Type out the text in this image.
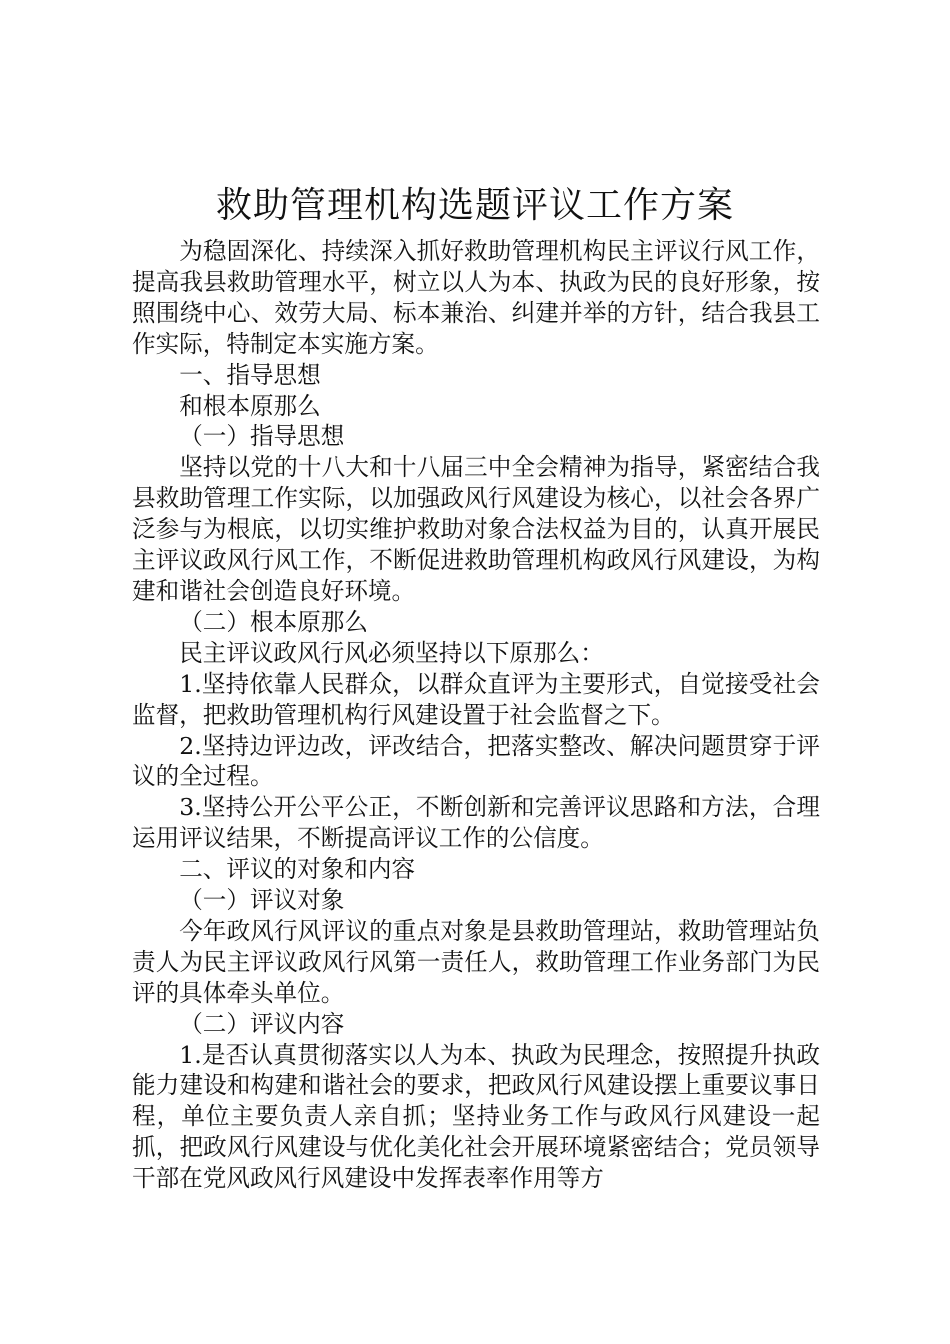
救助管理机构选题评议工作方案

为稳固深化、持续深入抓好救助管理机构民主评议行风工作，提高我县救助管理水平，树立以人为本、执政为民的良好形象，按照围绕中心、效劳大局、标本兼治、纠建并举的方针，结合我县工作实际，特制定本实施方案。

一、指导思想

和根本原那么

（一）指导思想

坚持以党的十八大和十八届三中全会精神为指导，紧密结合我县救助管理工作实际，以加强政风行风建设为核心，以社会各界广泛参与为根底，以切实维护救助对象合法权益为目的，认真开展民主评议政风行风工作，不断促进救助管理机构政风行风建设，为构建和谐社会创造良好环境。

（二）根本原那么

民主评议政风行风必须坚持以下原那么：

1.坚持依靠人民群众，以群众直评为主要形式，自觉接受社会监督，把救助管理机构行风建设置于社会监督之下。

2.坚持边评边改，评改结合，把落实整改、解决问题贯穿于评议的全过程。

3.坚持公开公平公正，不断创新和完善评议思路和方法，合理运用评议结果，不断提高评议工作的公信度。

二、评议的对象和内容

（一）评议对象

今年政风行风评议的重点对象是县救助管理站，救助管理站负责人为民主评议政风行风第一责任人，救助管理工作业务部门为民评的具体牵头单位。

（二）评议内容

1.是否认真贯彻落实以人为本、执政为民理念，按照提升执政能力建设和构建和谐社会的要求，把政风行风建设摆上重要议事日程，单位主要负责人亲自抓；坚持业务工作与政风行风建设一起抓，把政风行风建设与优化美化社会开展环境紧密结合；党员领导干部在党风政风行风建设中发挥表率作用等方
